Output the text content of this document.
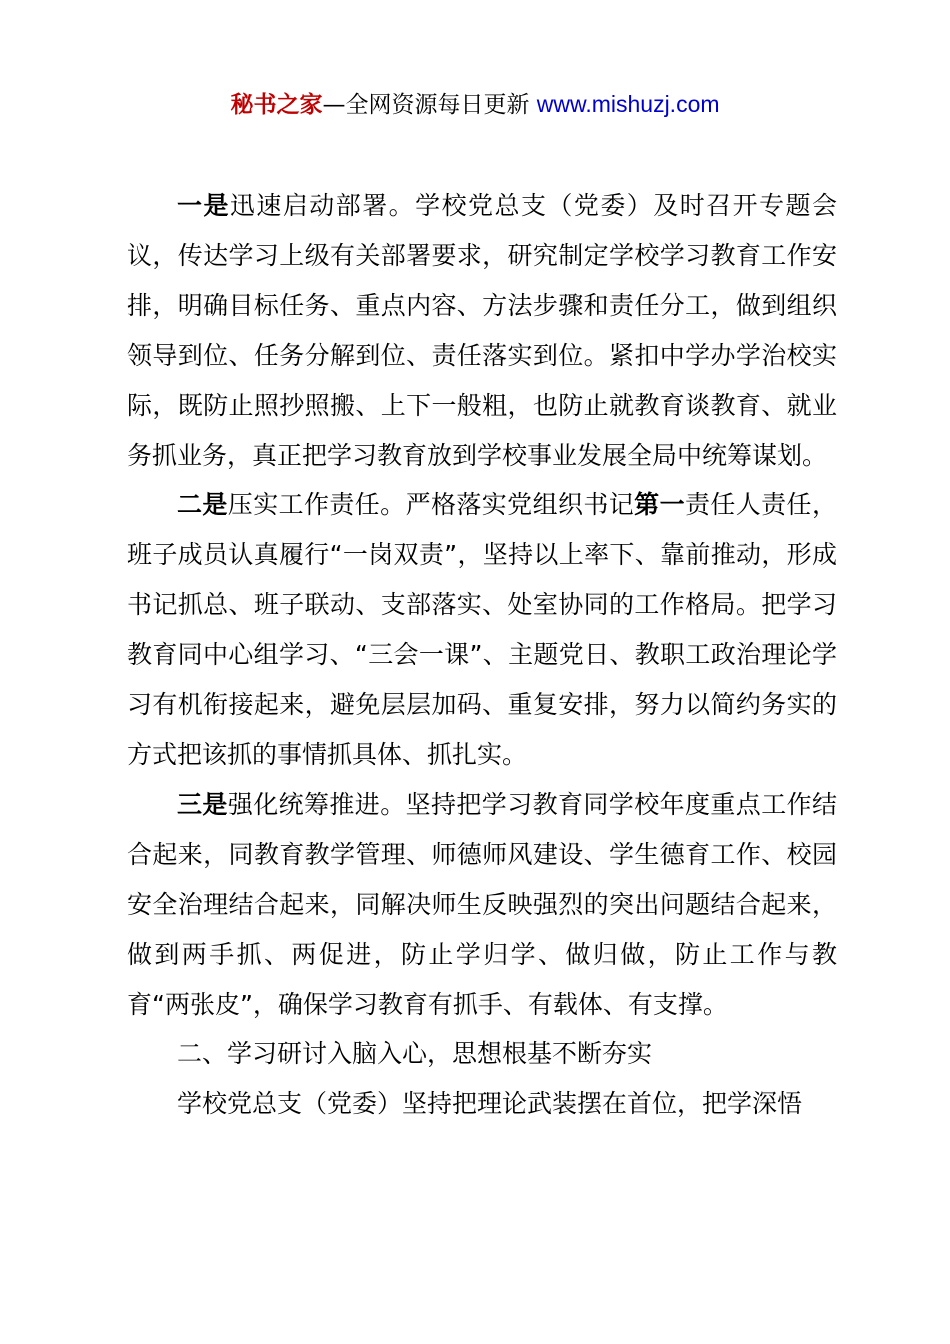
秘书之家—全网资源每日更新 www.mishuzj.com

一是迅速启动部署。学校党总支（党委）及时召开专题会议，传达学习上级有关部署要求，研究制定学校学习教育工作安排，明确目标任务、重点内容、方法步骤和责任分工，做到组织领导到位、任务分解到位、责任落实到位。紧扣中学办学治校实际，既防止照抄照搬、上下一般粗，也防止就教育谈教育、就业务抓业务，真正把学习教育放到学校事业发展全局中统筹谋划。

二是压实工作责任。严格落实党组织书记第一责任人责任，班子成员认真履行“一岗双责”，坚持以上率下、靠前推动，形成书记抓总、班子联动、支部落实、处室协同的工作格局。把学习教育同中心组学习、“三会一课”、主题党日、教职工政治理论学习有机衔接起来，避免层层加码、重复安排，努力以简约务实的方式把该抓的事情抓具体、抓扎实。

三是强化统筹推进。坚持把学习教育同学校年度重点工作结合起来，同教育教学管理、师德师风建设、学生德育工作、校园安全治理结合起来，同解决师生反映强烈的突出问题结合起来，做到两手抓、两促进，防止学归学、做归做，防止工作与教育“两张皮”，确保学习教育有抓手、有载体、有支撑。

二、学习研讨入脑入心，思想根基不断夯实

学校党总支（党委）坚持把理论武装摆在首位，把学深悟
